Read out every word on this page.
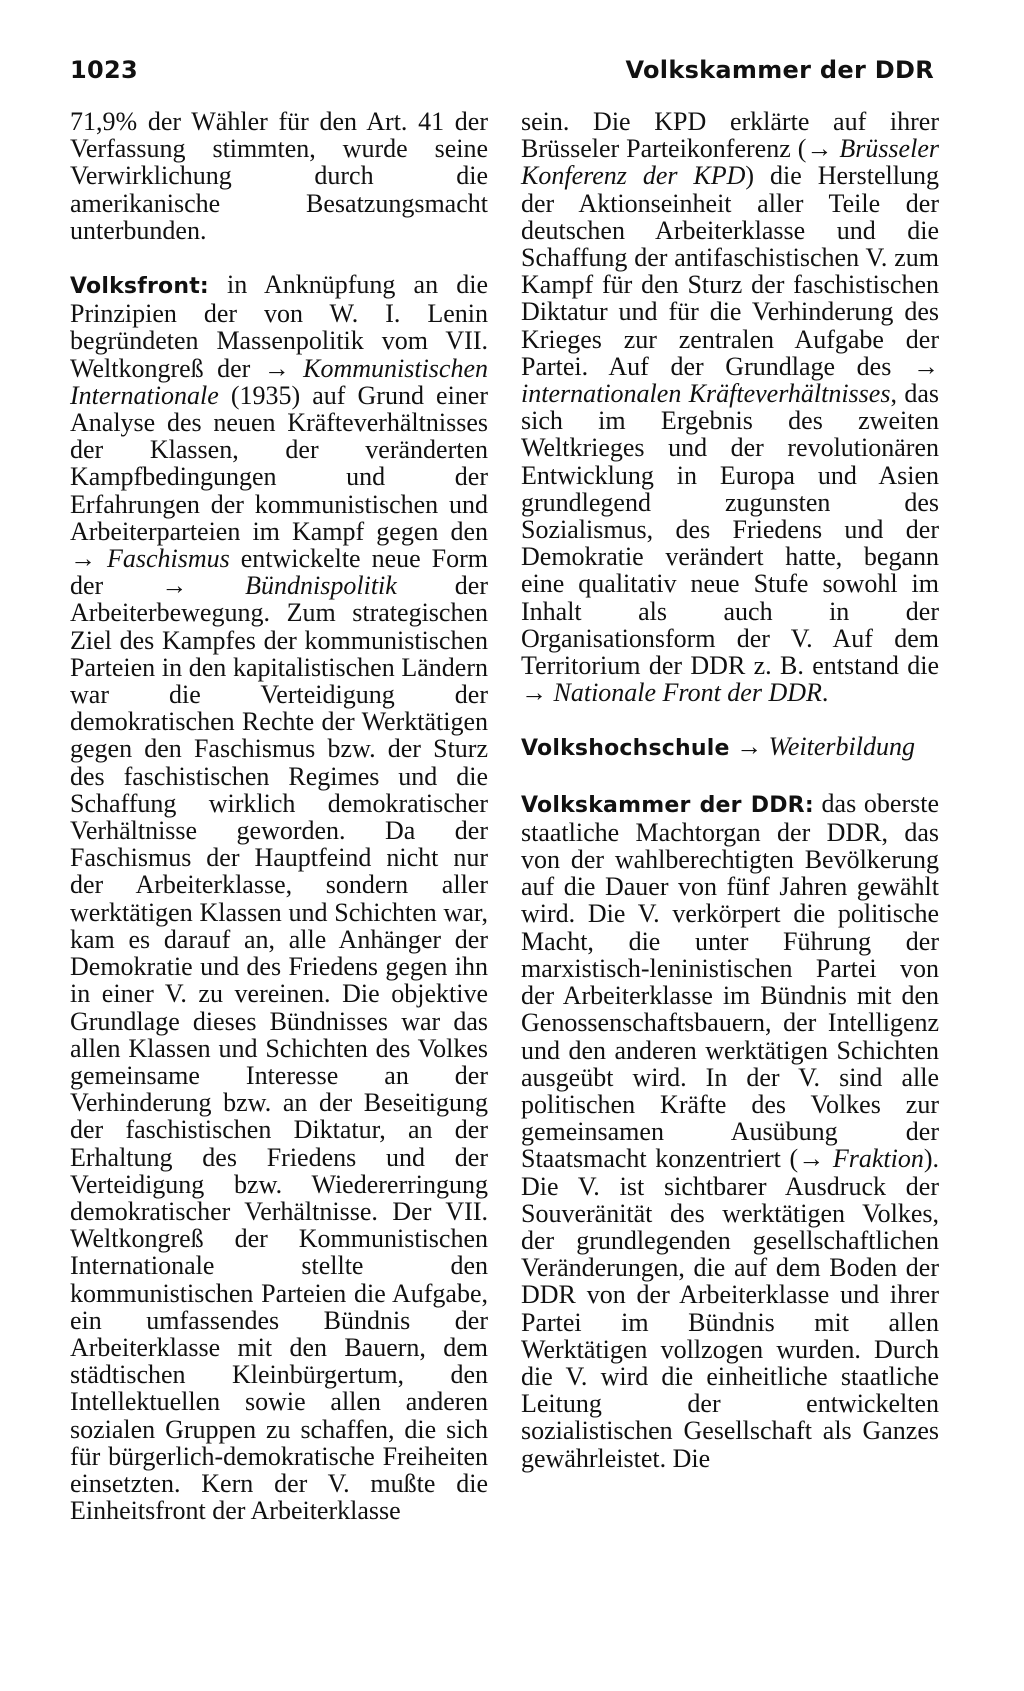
1023	Volkskammer der DDR

71,9% der Wähler für den Art. 41 der Verfassung stimmten, wurde seine Verwirklichung durch die amerikanische Besatzungsmacht unterbunden.

Volksfront: in Anknüpfung an die Prinzipien der von W. I. Lenin begründeten Massenpolitik vom VII. Weltkongreß der → Kommunistischen Internationale (1935) auf Grund einer Analyse des neuen Kräfteverhältnisses der Klassen, der veränderten Kampfbedingungen und der Erfahrungen der kommunistischen und Arbeiterparteien im Kampf gegen den → Faschismus entwickelte neue Form der → Bündnispolitik der Arbeiterbewegung. Zum strategischen Ziel des Kampfes der kommunistischen Parteien in den kapitalistischen Ländern war die Verteidigung der demokratischen Rechte der Werktätigen gegen den Faschismus bzw. der Sturz des faschistischen Regimes und die Schaffung wirklich demokratischer Verhältnisse geworden. Da der Faschismus der Hauptfeind nicht nur der Arbeiterklasse, sondern aller werktätigen Klassen und Schichten war, kam es darauf an, alle Anhänger der Demokratie und des Friedens gegen ihn in einer V. zu vereinen. Die objektive Grundlage dieses Bündnisses war das allen Klassen und Schichten des Volkes gemeinsame Interesse an der Verhinderung bzw. an der Beseitigung der faschistischen Diktatur, an der Erhaltung des Friedens und der Verteidigung bzw. Wiedererringung demokratischer Verhältnisse. Der VII. Weltkongreß der Kommunistischen Internationale stellte den kommunistischen Parteien die Aufgabe, ein umfassendes Bündnis der Arbeiterklasse mit den Bauern, dem städtischen Kleinbürgertum, den Intellektuellen sowie allen anderen sozialen Gruppen zu schaffen, die sich für bürgerlich-demokratische Freiheiten einsetzten. Kern der V. mußte die Einheitsfront der Arbeiterklasse

sein. Die KPD erklärte auf ihrer Brüsseler Parteikonferenz (→ Brüsseler Konferenz der KPD) die Herstellung der Aktionseinheit aller Teile der deutschen Arbeiterklasse und die Schaffung der antifaschistischen V. zum Kampf für den Sturz der faschistischen Diktatur und für die Verhinderung des Krieges zur zentralen Aufgabe der Partei. Auf der Grundlage des → internationalen Kräfteverhältnisses, das sich im Ergebnis des zweiten Weltkrieges und der revolutionären Entwicklung in Europa und Asien grundlegend zugunsten des Sozialismus, des Friedens und der Demokratie verändert hatte, begann eine qualitativ neue Stufe sowohl im Inhalt als auch in der Organisationsform der V. Auf dem Territorium der DDR z. B. entstand die → Nationale Front der DDR.

Volkshochschule → Weiterbildung

Volkskammer der DDR: das oberste staatliche Machtorgan der DDR, das von der wahlberechtigten Bevölkerung auf die Dauer von fünf Jahren gewählt wird. Die V. verkörpert die politische Macht, die unter Führung der marxistisch-leninistischen Partei von der Arbeiterklasse im Bündnis mit den Genossenschaftsbauern, der Intelligenz und den anderen werktätigen Schichten ausgeübt wird. In der V. sind alle politischen Kräfte des Volkes zur gemeinsamen Ausübung der Staatsmacht konzentriert (→ Fraktion). Die V. ist sichtbarer Ausdruck der Souveränität des werktätigen Volkes, der grundlegenden gesellschaftlichen Veränderungen, die auf dem Boden der DDR von der Arbeiterklasse und ihrer Partei im Bündnis mit allen Werktätigen vollzogen wurden. Durch die V. wird die einheitliche staatliche Leitung der entwickelten sozialistischen Gesellschaft als Ganzes gewährleistet. Die
